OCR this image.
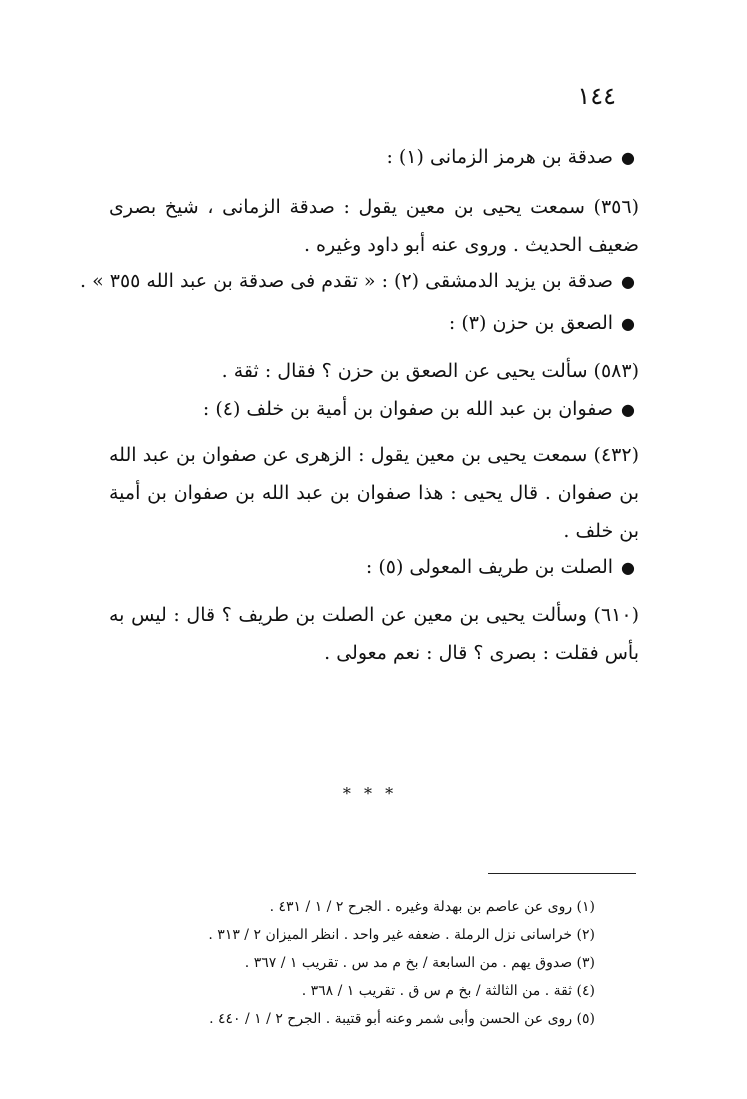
١٤٤
●صدقة بن هرمز الزمانى (١) :
(٣٥٦) سمعت يحيى بن معين يقول : صدقة الزمانى ، شيخ بصرى ضعيف الحديث . وروى عنه أبو داود وغيره .
●صدقة بن يزيد الدمشقى (٢) : « تقدم فى صدقة بن عبد الله ٣٥٥ » .
●الصعق بن حزن (٣) :
(٥٨٣) سألت يحيى عن الصعق بن حزن ؟ فقال : ثقة .
●صفوان بن عبد الله بن صفوان بن أمية بن خلف (٤) :
(٤٣٢) سمعت يحيى بن معين يقول : الزهرى عن صفوان بن عبد الله بن صفوان . قال يحيى : هذا صفوان بن عبد الله بن صفوان بن أمية بن خلف .
●الصلت بن طريف المعولى (٥) :
(٦١٠) وسألت يحيى بن معين عن الصلت بن طريف ؟ قال : ليس به بأس فقلت : بصرى ؟ قال : نعم معولى .
* * *
(١) روى عن عاصم بن بهدلة وغيره . الجرح ٢ / ١ / ٤٣١ .
(٢) خراسانى نزل الرملة . ضعفه غير واحد . انظر الميزان ٢ / ٣١٣ .
(٣) صدوق يهم . من السابعة / بخ م مد س . تقريب ١ / ٣٦٧ .
(٤) ثقة . من الثالثة / بخ م س ق . تقريب ١ / ٣٦٨ .
(٥) روى عن الحسن وأبى شمر وعنه أبو قتيبة . الجرح ٢ / ١ / ٤٤٠ .
